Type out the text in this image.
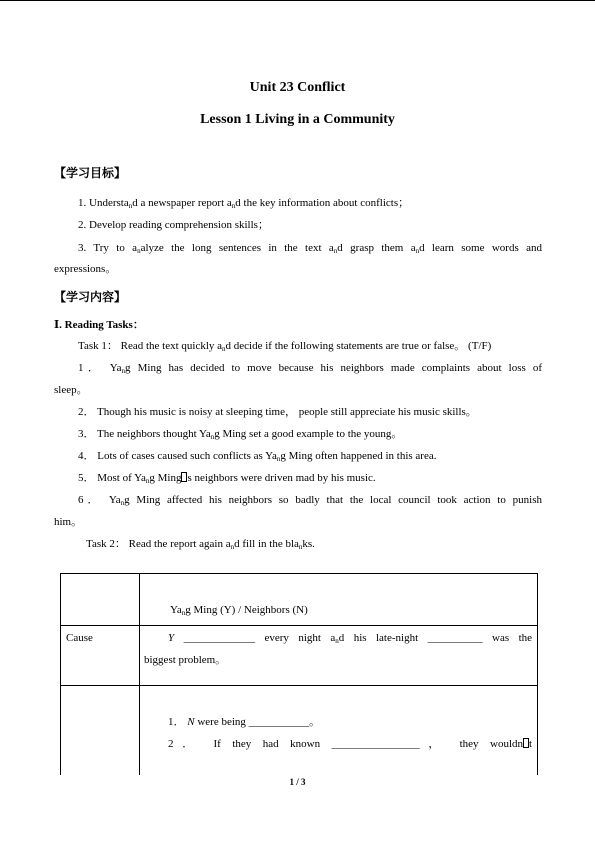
Unit 23 Conflict
Lesson 1 Living in a Community
【学习目标】
1. Understa$_n$d a newspaper report $a_nd$ the key information about conflicts；
2. Develop reading comprehension skills；
3. Try to $a_nalyze$ the long sentences in the text $a_nd$ grasp them $a_nd$ learn some words and
expressions。
【学习内容】
Ⅰ. Reading Tasks：
Task 1： Read the text quickly $a_nd$ decide if the following statements are true or false。 (T/F)
1． $Ya_ng$ Ming has decided to move because his neighbors made complaints about loss of
sleep。
2． Though his music is noisy at sleeping time， people still appreciate his music skills。
3． The neighbors thought $Ya_ng$ Ming set a good example to the young。
4． Lots of cases caused such conflicts as $Ya_ng$ Ming often happened in this area.
5． Most of $Ya_ng$ Ming s neighbors were driven mad by his music.
6． $Ya_ng$ Ming affected his neighbors so badly that the local council took action to punish
him。
Task 2： Read the report again $a_nd$ fill in the bla$_n$ks.
$Ya_ng$ Ming (Y) / Neighbors (N)
Cause	Y _____________ every night $a_nd$ his late-night __________ was the
biggest problem。
1． N were being ___________。
2． If they had known ________________， they wouldn t
1 / 3
